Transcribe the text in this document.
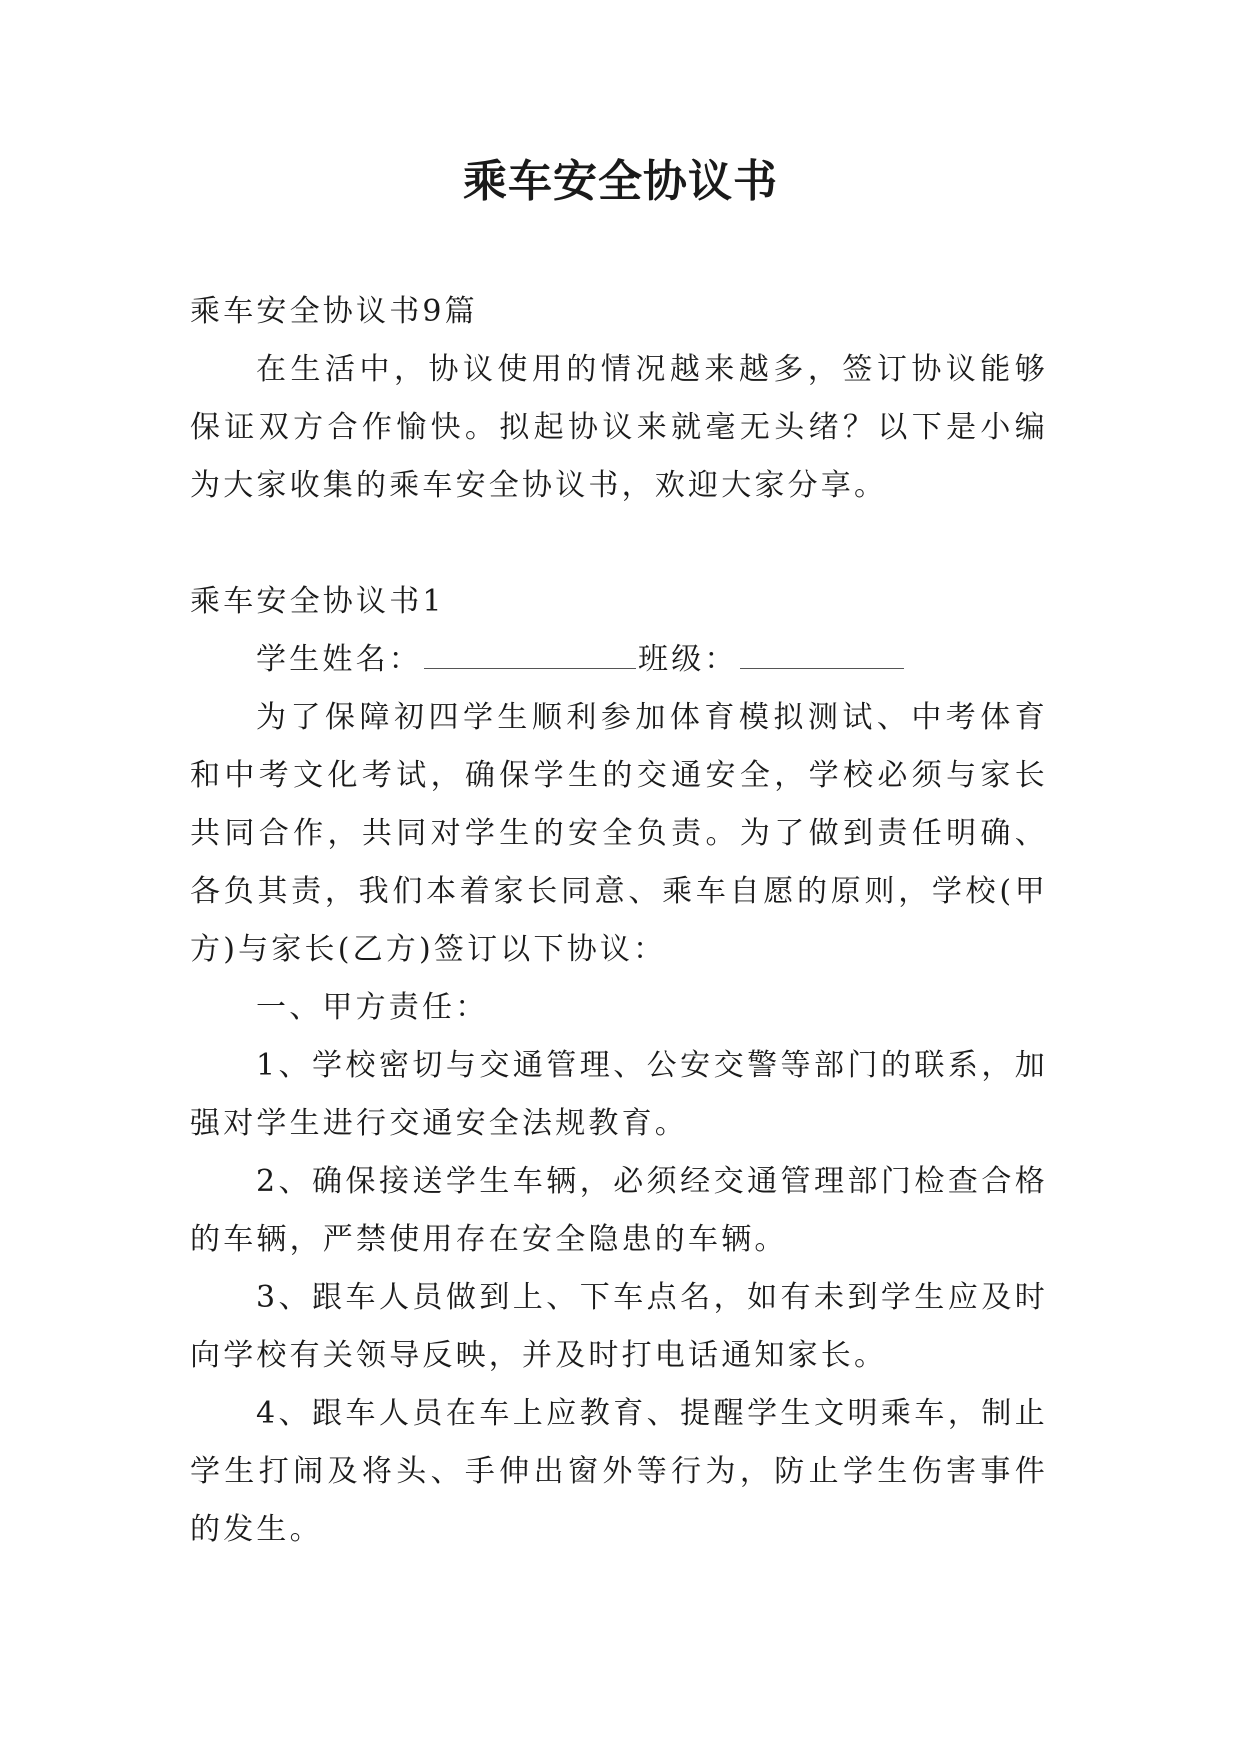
乘车安全协议书

乘车安全协议书9篇

在生活中，协议使用的情况越来越多，签订协议能够保证双方合作愉快。拟起协议来就毫无头绪？以下是小编为大家收集的乘车安全协议书，欢迎大家分享。

乘车安全协议书1

学生姓名：	班级：

为了保障初四学生顺利参加体育模拟测试、中考体育和中考文化考试，确保学生的交通安全，学校必须与家长共同合作，共同对学生的安全负责。为了做到责任明确、各负其责，我们本着家长同意、乘车自愿的原则，学校(甲方)与家长(乙方)签订以下协议：

一、甲方责任：

1、学校密切与交通管理、公安交警等部门的联系，加强对学生进行交通安全法规教育。

2、确保接送学生车辆，必须经交通管理部门检查合格的车辆，严禁使用存在安全隐患的车辆。

3、跟车人员做到上、下车点名，如有未到学生应及时向学校有关领导反映，并及时打电话通知家长。

4、跟车人员在车上应教育、提醒学生文明乘车，制止学生打闹及将头、手伸出窗外等行为，防止学生伤害事件的发生。
